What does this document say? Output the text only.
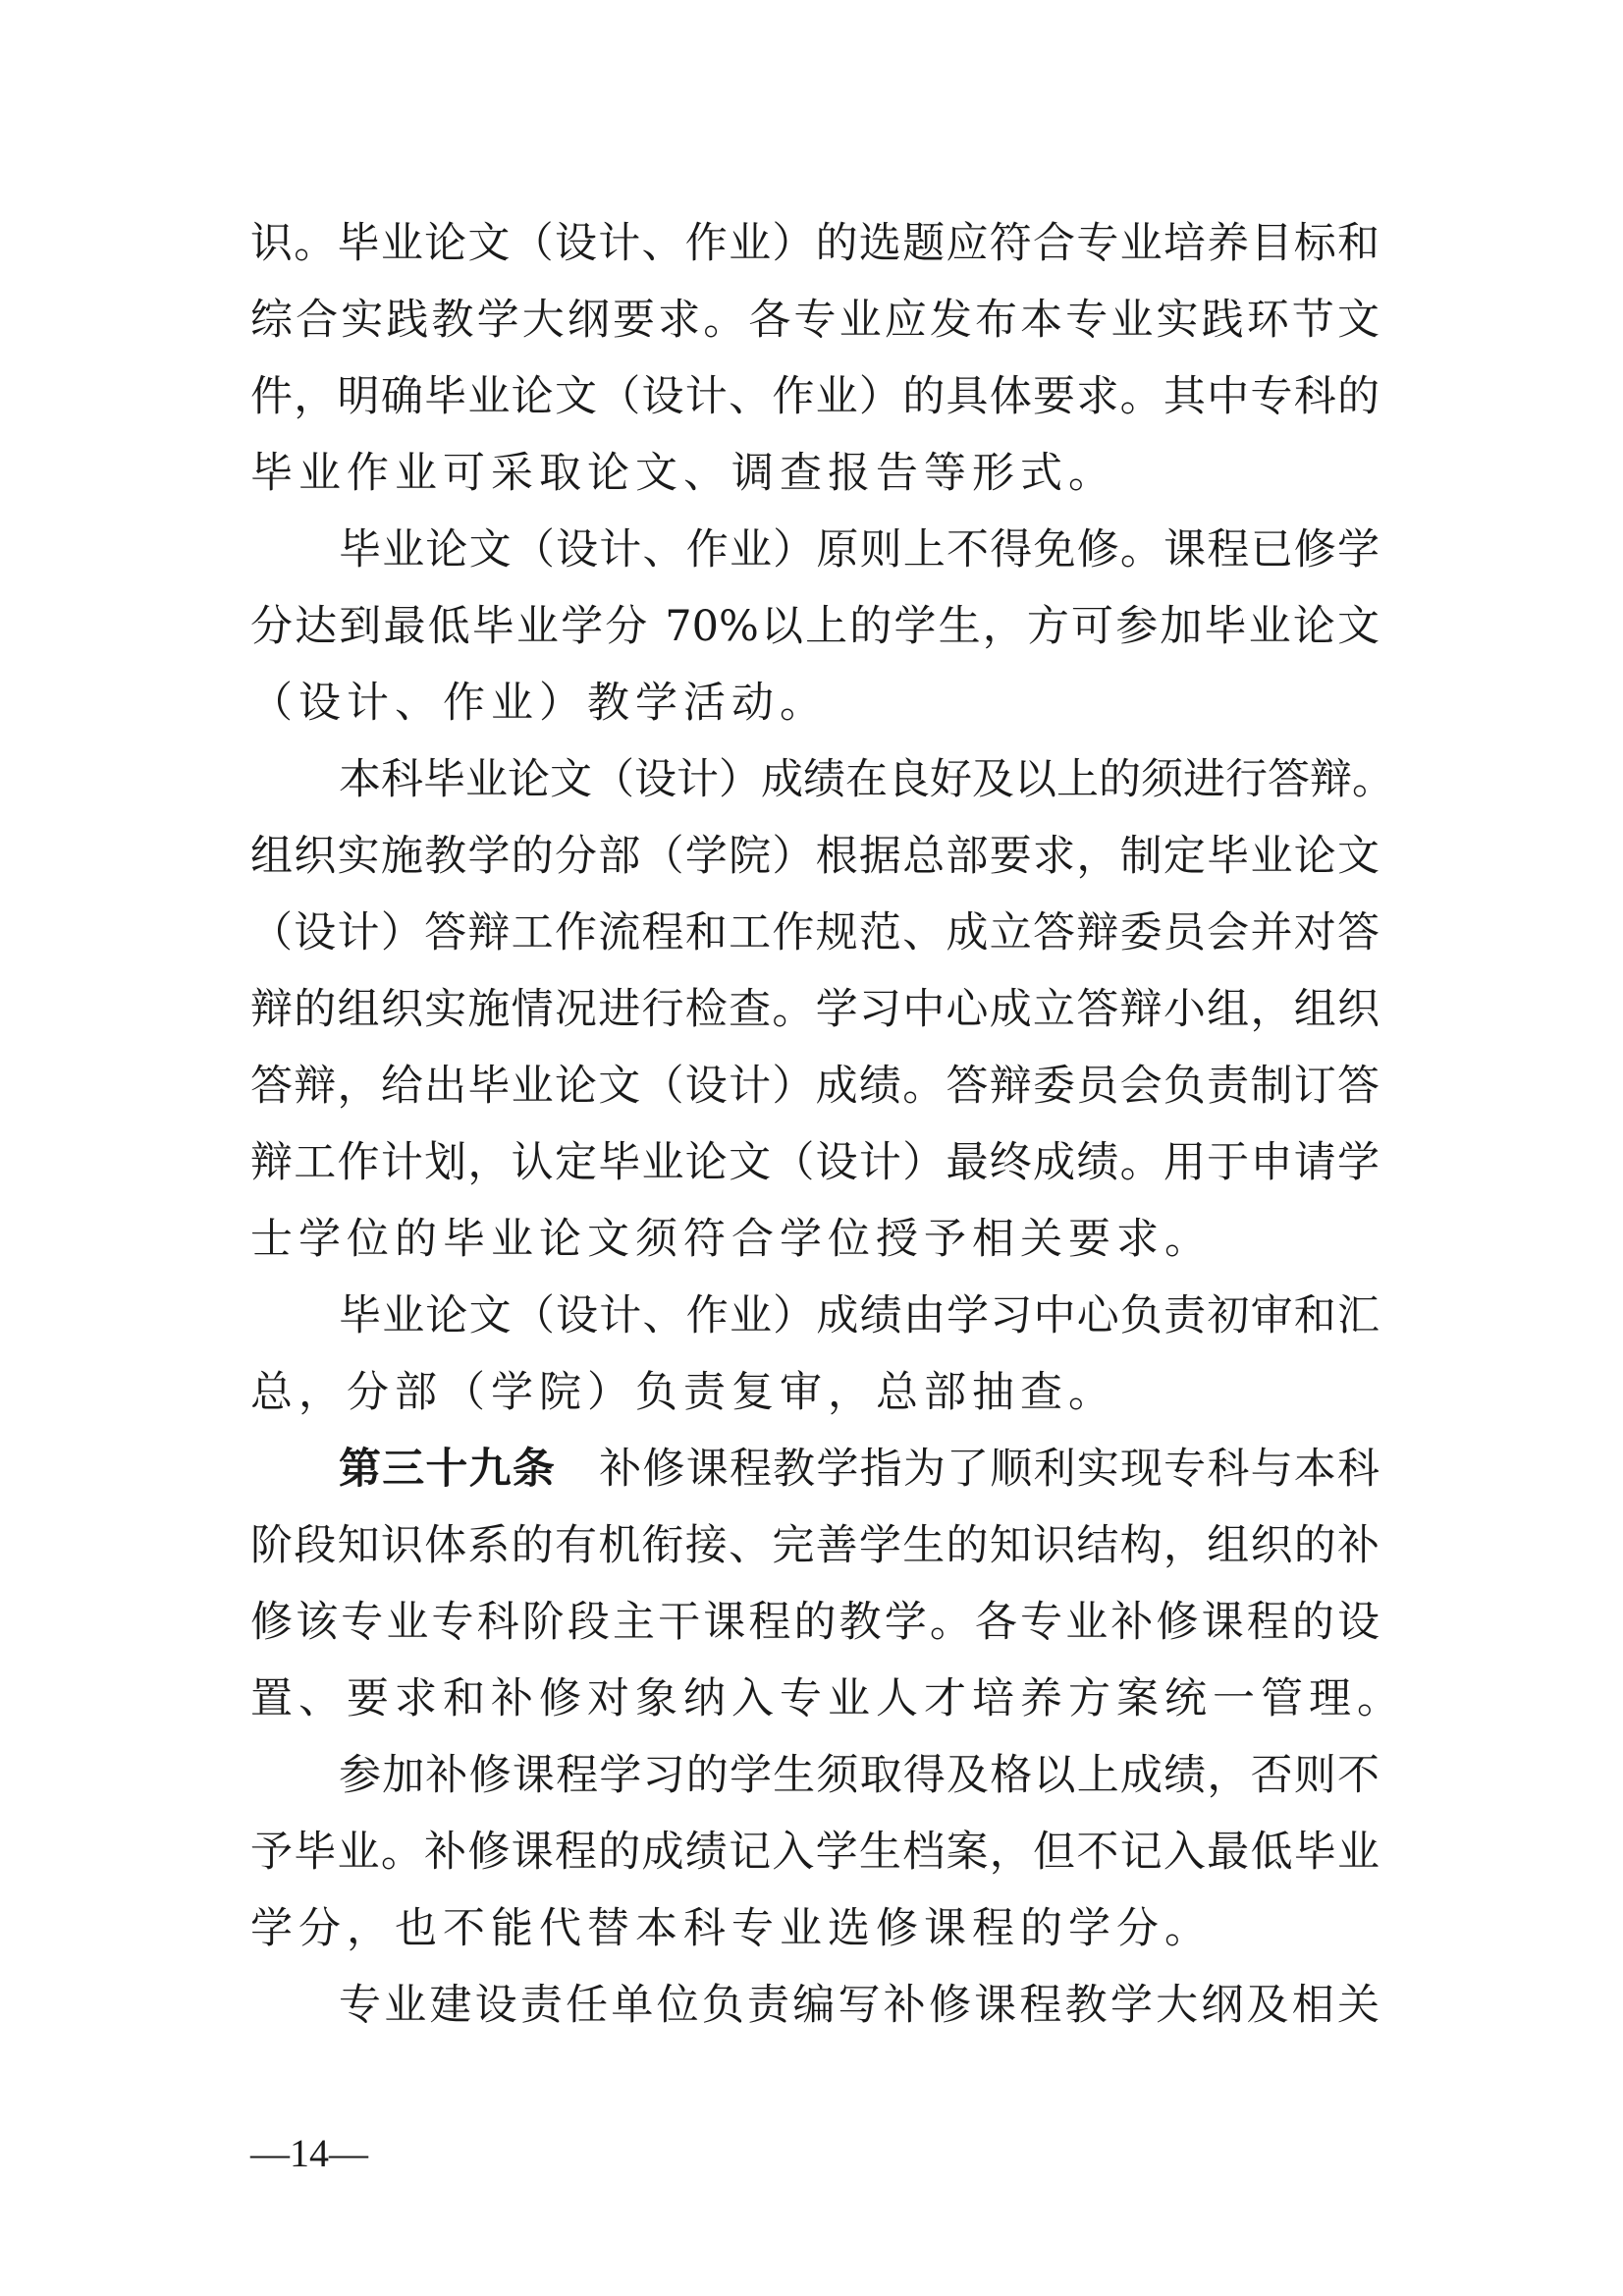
识。毕业论文（设计、作业）的选题应符合专业培养目标和
综合实践教学大纲要求。各专业应发布本专业实践环节文
件，明确毕业论文（设计、作业）的具体要求。其中专科的
毕业作业可采取论文、调查报告等形式。
毕业论文（设计、作业）原则上不得免修。课程已修学
分达到最低毕业学分 70%以上的学生，方可参加毕业论文
（设计、作业）教学活动。
本科毕业论文（设计）成绩在良好及以上的须进行答辩。
组织实施教学的分部（学院）根据总部要求，制定毕业论文
（设计）答辩工作流程和工作规范、成立答辩委员会并对答
辩的组织实施情况进行检查。学习中心成立答辩小组，组织
答辩，给出毕业论文（设计）成绩。答辩委员会负责制订答
辩工作计划，认定毕业论文（设计）最终成绩。用于申请学
士学位的毕业论文须符合学位授予相关要求。
毕业论文（设计、作业）成绩由学习中心负责初审和汇
总，分部（学院）负责复审，总部抽查。
第三十九条  补修课程教学指为了顺利实现专科与本科
阶段知识体系的有机衔接、完善学生的知识结构，组织的补
修该专业专科阶段主干课程的教学。各专业补修课程的设
置、要求和补修对象纳入专业人才培养方案统一管理。
参加补修课程学习的学生须取得及格以上成绩，否则不
予毕业。补修课程的成绩记入学生档案，但不记入最低毕业
学分，也不能代替本科专业选修课程的学分。
专业建设责任单位负责编写补修课程教学大纲及相关
—14—
